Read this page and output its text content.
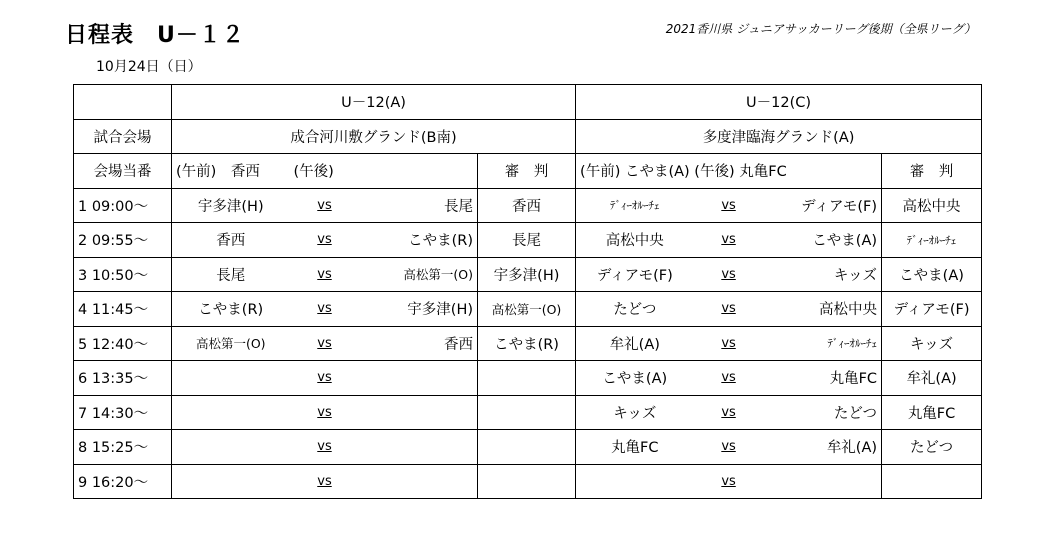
日程表　U－１２	2021香川県 ジュニアサッカーリーグ後期（全県リーグ）
10月24日（日）
	U－12(A)				U－12(C)			
試合会場	成合河川敷グランド(B南)				多度津臨海グランド(A)			
会場当番	(午前)　 香西	(午後)		審　判	(午前) こやま(A) (午後) 丸亀FC			審　判
1 09:00～	宇多津(H)	vs	長尾	香西	ﾃﾞｨｰｵﾙｰﾁｪ	vs	ディアモ(F)	高松中央
2 09:55～	香西	vs	こやま(R)	長尾	高松中央	vs	こやま(A)	ﾃﾞｨｰｵﾙｰﾁｪ
3 10:50～	長尾	vs	高松第一(O)	宇多津(H)	ディアモ(F)	vs	キッズ	こやま(A)
4 11:45～	こやま(R)	vs	宇多津(H)	高松第一(O)	たどつ	vs	高松中央	ディアモ(F)
5 12:40～	高松第一(O)	vs	香西	こやま(R)	牟礼(A)	vs	ﾃﾞｨｰｵﾙｰﾁｪ	キッズ
6 13:35～		vs			こやま(A)	vs	丸亀FC	牟礼(A)
7 14:30～		vs			キッズ	vs	たどつ	丸亀FC
8 15:25～		vs			丸亀FC	vs	牟礼(A)	たどつ
9 16:20～		vs				vs		
